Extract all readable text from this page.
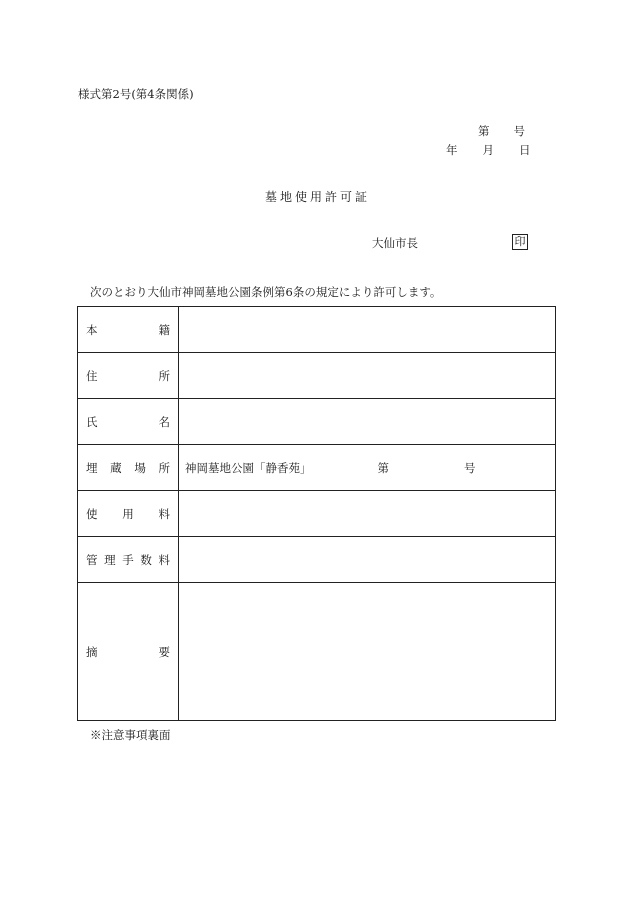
様式第2号(第4条関係)
第 号
年 月 日
墓地使用許可証
大仙市長	印
次のとおり大仙市神岡墓地公園条例第6条の規定により許可します。
本 籍	

住 所	

氏 名	

埋 蔵 場 所	神岡墓地公園「静香苑」 第 号

使 用 料	

管 理 手 数 料	

摘 要	

※注意事項裏面
